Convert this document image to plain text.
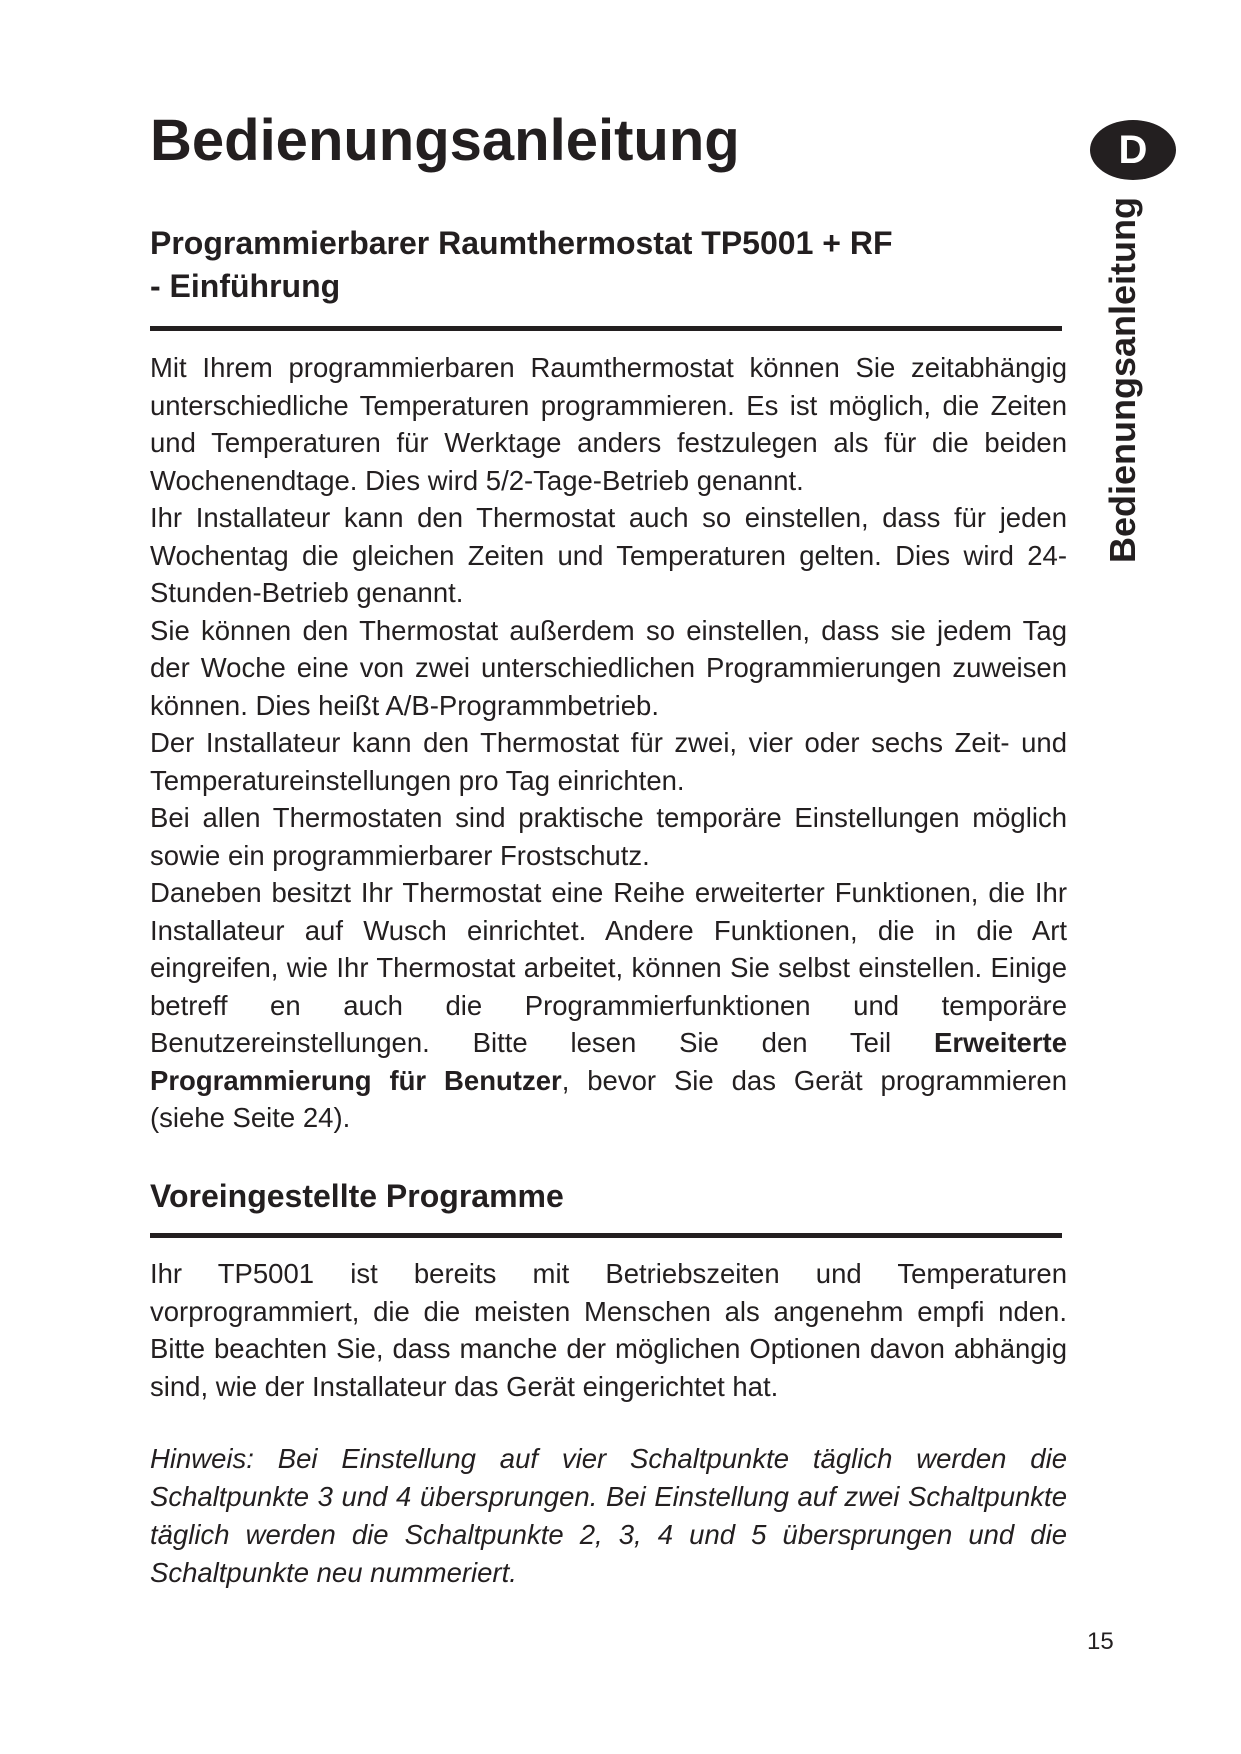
Bedienungsanleitung	D
Bedienungsanleitung
Programmierbarer Raumthermostat TP5001 + RF
- Einführung

Mit Ihrem programmierbaren Raumthermostat können Sie zeitabhängig unterschiedliche Temperaturen programmieren. Es ist möglich, die Zeiten und Temperaturen für Werktage anders festzulegen als für die beiden Wochenendtage. Dies wird 5/2-Tage-Betrieb genannt.

Ihr Installateur kann den Thermostat auch so einstellen, dass für jeden Wochentag die gleichen Zeiten und Temperaturen gelten. Dies wird 24-Stunden-Betrieb genannt.

Sie können den Thermostat außerdem so einstellen, dass sie jedem Tag der Woche eine von zwei unterschiedlichen Programmierungen zuweisen können. Dies heißt A/B-Programmbetrieb.

Der Installateur kann den Thermostat für zwei, vier oder sechs Zeit- und Temperatureinstellungen pro Tag einrichten.

Bei allen Thermostaten sind praktische temporäre Einstellungen möglich sowie ein programmierbarer Frostschutz.

Daneben besitzt Ihr Thermostat eine Reihe erweiterter Funktionen, die Ihr Installateur auf Wusch einrichtet. Andere Funktionen, die in die Art eingreifen, wie Ihr Thermostat arbeitet, können Sie selbst einstellen. Einige betreff en auch die Programmierfunktionen und temporäre Benutzereinstellungen. Bitte lesen Sie den Teil Erweiterte Programmierung für Benutzer, bevor Sie das Gerät programmieren (siehe Seite 24).

Voreingestellte Programme

Ihr TP5001 ist bereits mit Betriebszeiten und Temperaturen vorprogrammiert, die die meisten Menschen als angenehm empfi nden. Bitte beachten Sie, dass manche der möglichen Optionen davon abhängig sind, wie der Installateur das Gerät eingerichtet hat.

Hinweis: Bei Einstellung auf vier Schaltpunkte täglich werden die Schaltpunkte 3 und 4 übersprungen. Bei Einstellung auf zwei Schaltpunkte täglich werden die Schaltpunkte 2, 3, 4 und 5 übersprungen und die Schaltpunkte neu nummeriert.

15
